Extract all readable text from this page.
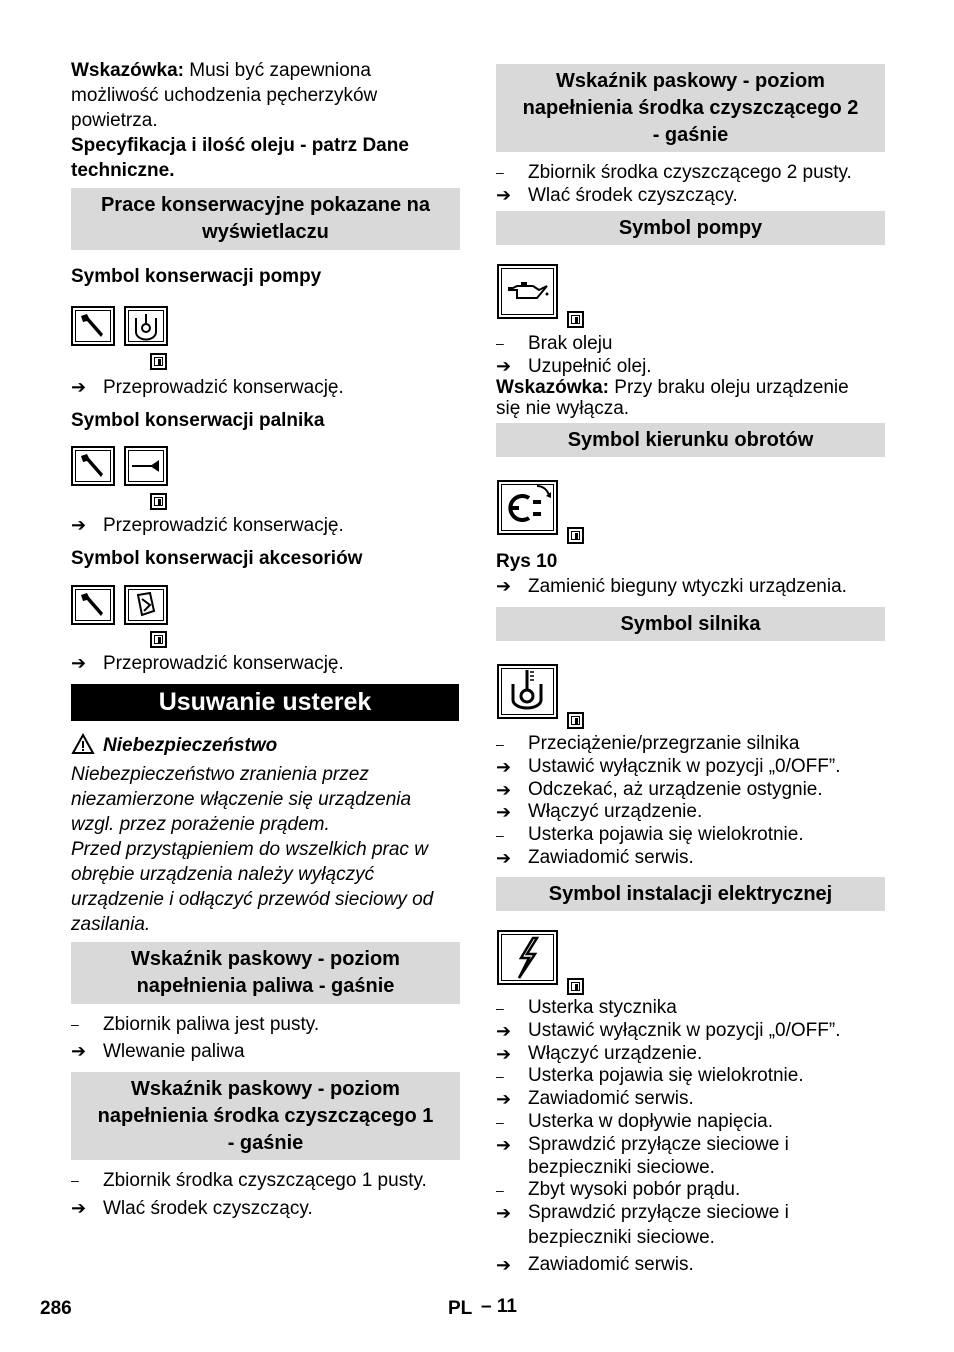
Wskazówka: Musi być zapewniona
możliwość uchodzenia pęcherzyków
powietrza.
Specyfikacja i ilość oleju - patrz Dane
techniczne.
Prace konserwacyjne pokazane na
wyświetlaczu
Symbol konserwacji pompy
➔ Przeprowadzić konserwację.
Symbol konserwacji palnika
➔ Przeprowadzić konserwację.
Symbol konserwacji akcesoriów
➔ Przeprowadzić konserwację.
Usuwanie usterek
Niebezpieczeństwo
Niebezpieczeństwo zranienia przez
niezamierzone włączenie się urządzenia
wzgl. przez porażenie prądem.
Przed przystąpieniem do wszelkich prac w
obrębie urządzenia należy wyłączyć
urządzenie i odłączyć przewód sieciowy od
zasilania.
Wskaźnik paskowy - poziom
napełnienia paliwa - gaśnie
–	Zbiornik paliwa jest pusty.
➔ Wlewanie paliwa
Wskaźnik paskowy - poziom
napełnienia środka czyszczącego 1
- gaśnie
–	Zbiornik środka czyszczącego 1 pusty.
➔ Wlać środek czyszczący.
Wskaźnik paskowy - poziom
napełnienia środka czyszczącego 2
- gaśnie
–	Zbiornik środka czyszczącego 2 pusty.
➔ Wlać środek czyszczący.
Symbol pompy
–	Brak oleju
➔ Uzupełnić olej.
Wskazówka: Przy braku oleju urządzenie
się nie wyłącza.
Symbol kierunku obrotów
Rys 10
➔ Zamienić bieguny wtyczki urządzenia.
Symbol silnika
–	Przeciążenie/przegrzanie silnika
➔ Ustawić wyłącznik w pozycji „0/OFF”.
➔ Odczekać, aż urządzenie ostygnie.
➔ Włączyć urządzenie.
–	Usterka pojawia się wielokrotnie.
➔ Zawiadomić serwis.
Symbol instalacji elektrycznej
–	Usterka stycznika
➔ Ustawić wyłącznik w pozycji „0/OFF”.
➔ Włączyć urządzenie.
–	Usterka pojawia się wielokrotnie.
➔ Zawiadomić serwis.
–	Usterka w dopływie napięcia.
➔ Sprawdzić przyłącze sieciowe i
bezpieczniki sieciowe.
–	Zbyt wysoki pobór prądu.
➔ Sprawdzić przyłącze sieciowe i
bezpieczniki sieciowe.
➔ Zawiadomić serwis.
286	PL – 11
